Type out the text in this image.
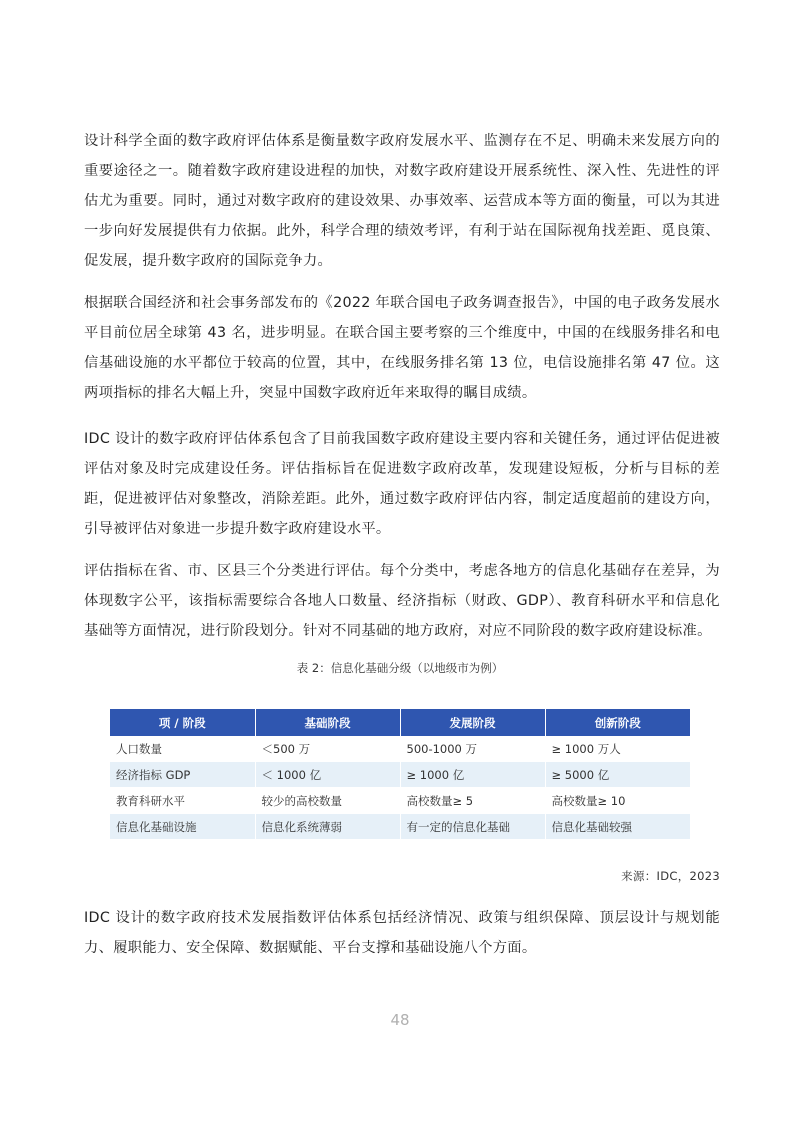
设计科学全面的数字政府评估体系是衡量数字政府发展水平、监测存在不足、明确未来发展方向的重要途径之一。随着数字政府建设进程的加快，对数字政府建设开展系统性、深入性、先进性的评估尤为重要。同时，通过对数字政府的建设效果、办事效率、运营成本等方面的衡量，可以为其进一步向好发展提供有力依据。此外，科学合理的绩效考评，有利于站在国际视角找差距、觅良策、促发展，提升数字政府的国际竞争力。

根据联合国经济和社会事务部发布的《2022 年联合国电子政务调查报告》，中国的电子政务发展水平目前位居全球第 43 名，进步明显。在联合国主要考察的三个维度中，中国的在线服务排名和电信基础设施的水平都位于较高的位置，其中，在线服务排名第 13 位，电信设施排名第 47 位。这两项指标的排名大幅上升，突显中国数字政府近年来取得的瞩目成绩。

IDC 设计的数字政府评估体系包含了目前我国数字政府建设主要内容和关键任务，通过评估促进被评估对象及时完成建设任务。评估指标旨在促进数字政府改革，发现建设短板，分析与目标的差距，促进被评估对象整改，消除差距。此外，通过数字政府评估内容，制定适度超前的建设方向，引导被评估对象进一步提升数字政府建设水平。

评估指标在省、市、区县三个分类进行评估。每个分类中，考虑各地方的信息化基础存在差异，为体现数字公平，该指标需要综合各地人口数量、经济指标（财政、GDP）、教育科研水平和信息化基础等方面情况，进行阶段划分。针对不同基础的地方政府，对应不同阶段的数字政府建设标准。

表 2：信息化基础分级（以地级市为例）
项 / 阶段	基础阶段	发展阶段	创新阶段
人口数量	＜500 万	500-1000 万	≥ 1000 万人
经济指标 GDP	＜ 1000 亿	≥ 1000 亿	≥ 5000 亿
教育科研水平	较少的高校数量	高校数量≥ 5	高校数量≥ 10
信息化基础设施	信息化系统薄弱	有一定的信息化基础	信息化基础较强
来源：IDC，2023

IDC 设计的数字政府技术发展指数评估体系包括经济情况、政策与组织保障、顶层设计与规划能力、履职能力、安全保障、数据赋能、平台支撑和基础设施八个方面。

48
